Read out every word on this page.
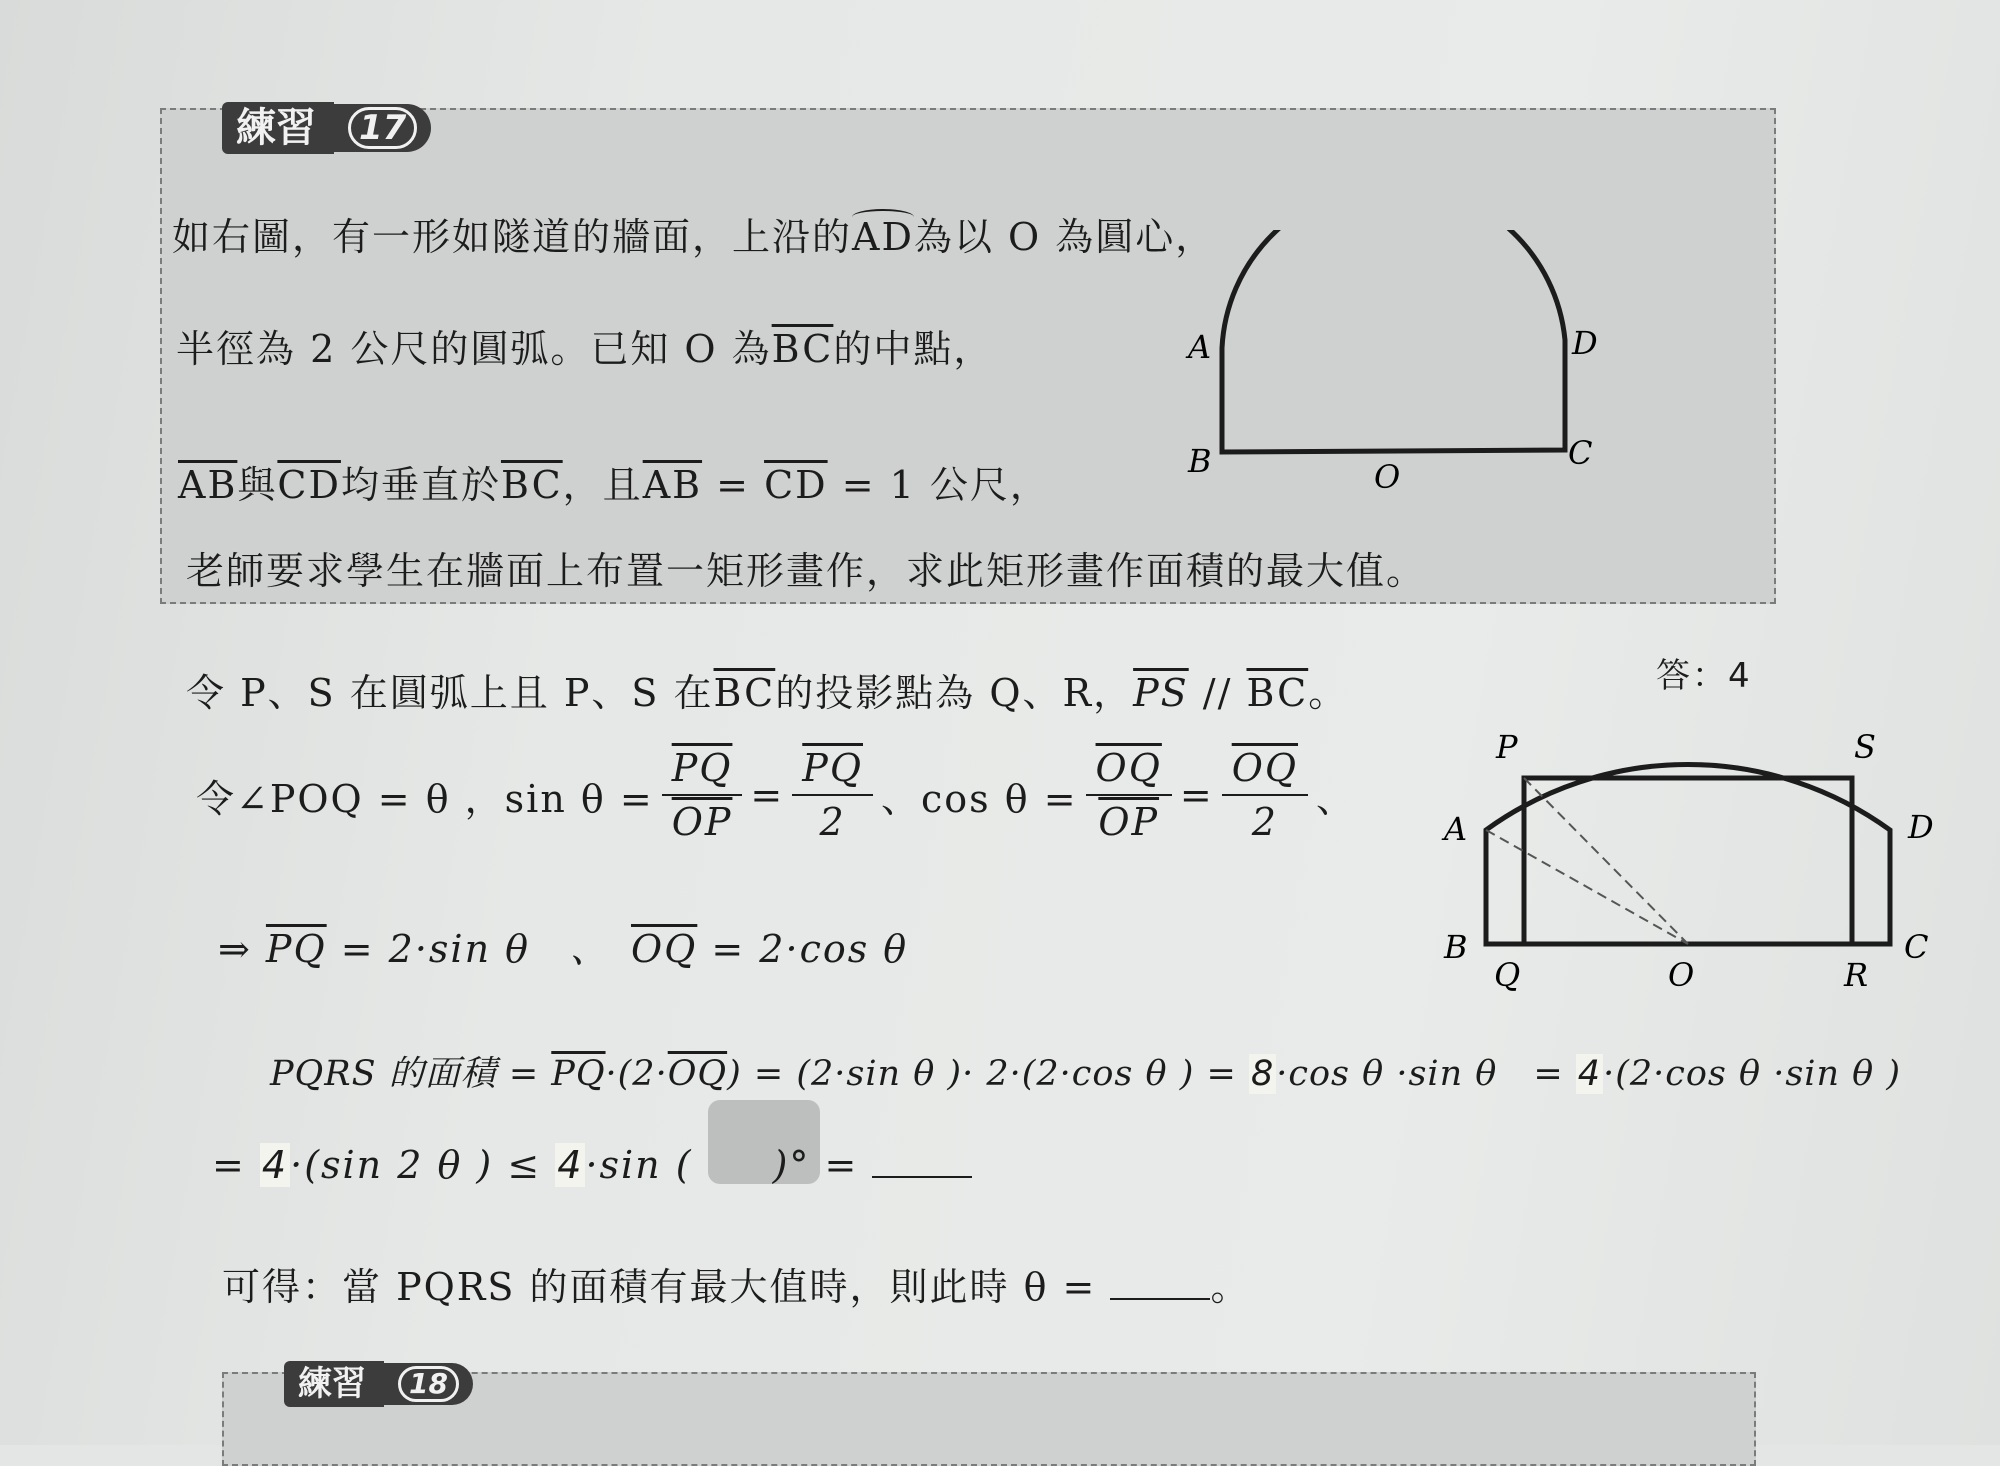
練習	17
如右圖，有一形如隧道的牆面，上沿的
AD為以 O 為圓心，
半徑為 2 公尺的圓弧。已知 O 為$\overline{BC}$的中點，
$\overline{AB}$與$\overline{CD}$均垂直於$\overline{BC}$，且$\overline{AB} = \overline{CD} = 1$ 公尺，
老師要求學生在牆面上布置一矩形畫作，求此矩形畫作面積的最大值。
A	D
B	C
O
答：4
令 P、S 在圓弧上且 P、S 在$\overline{BC}$的投影點為 Q、R，$\overline{PS} // \overline{BC}$。
令∠POQ = θ ，$\sin \theta = \frac{\overline{PQ}}{OP} = \frac{\overline{PQ}}{2}$ 、$\cos \theta = \frac{\overline{OQ}}{OP} = \frac{\overline{OQ}}{2}$ 、
⇒ $\overline{PQ} = 2\cdot\sin$ θ　、　$\overline{OQ} = 2\cdot\cos$ θ
PQRS 的面積 = $\overline{PQ}\cdot(2\cdot\overline{OQ}) = (2\cdot\sin$ θ )· 2·(2·cos θ ) = 8·cos θ ·sin θ　= 4·(2·cos θ ·sin θ )
= 4·(sin 2 θ ) ≤ 4·sin (　　)° =
可得：當 PQRS 的面積有最大值時，則此時 θ =	。
P	S
A	D
B	C
Q	O	R
練習	18
